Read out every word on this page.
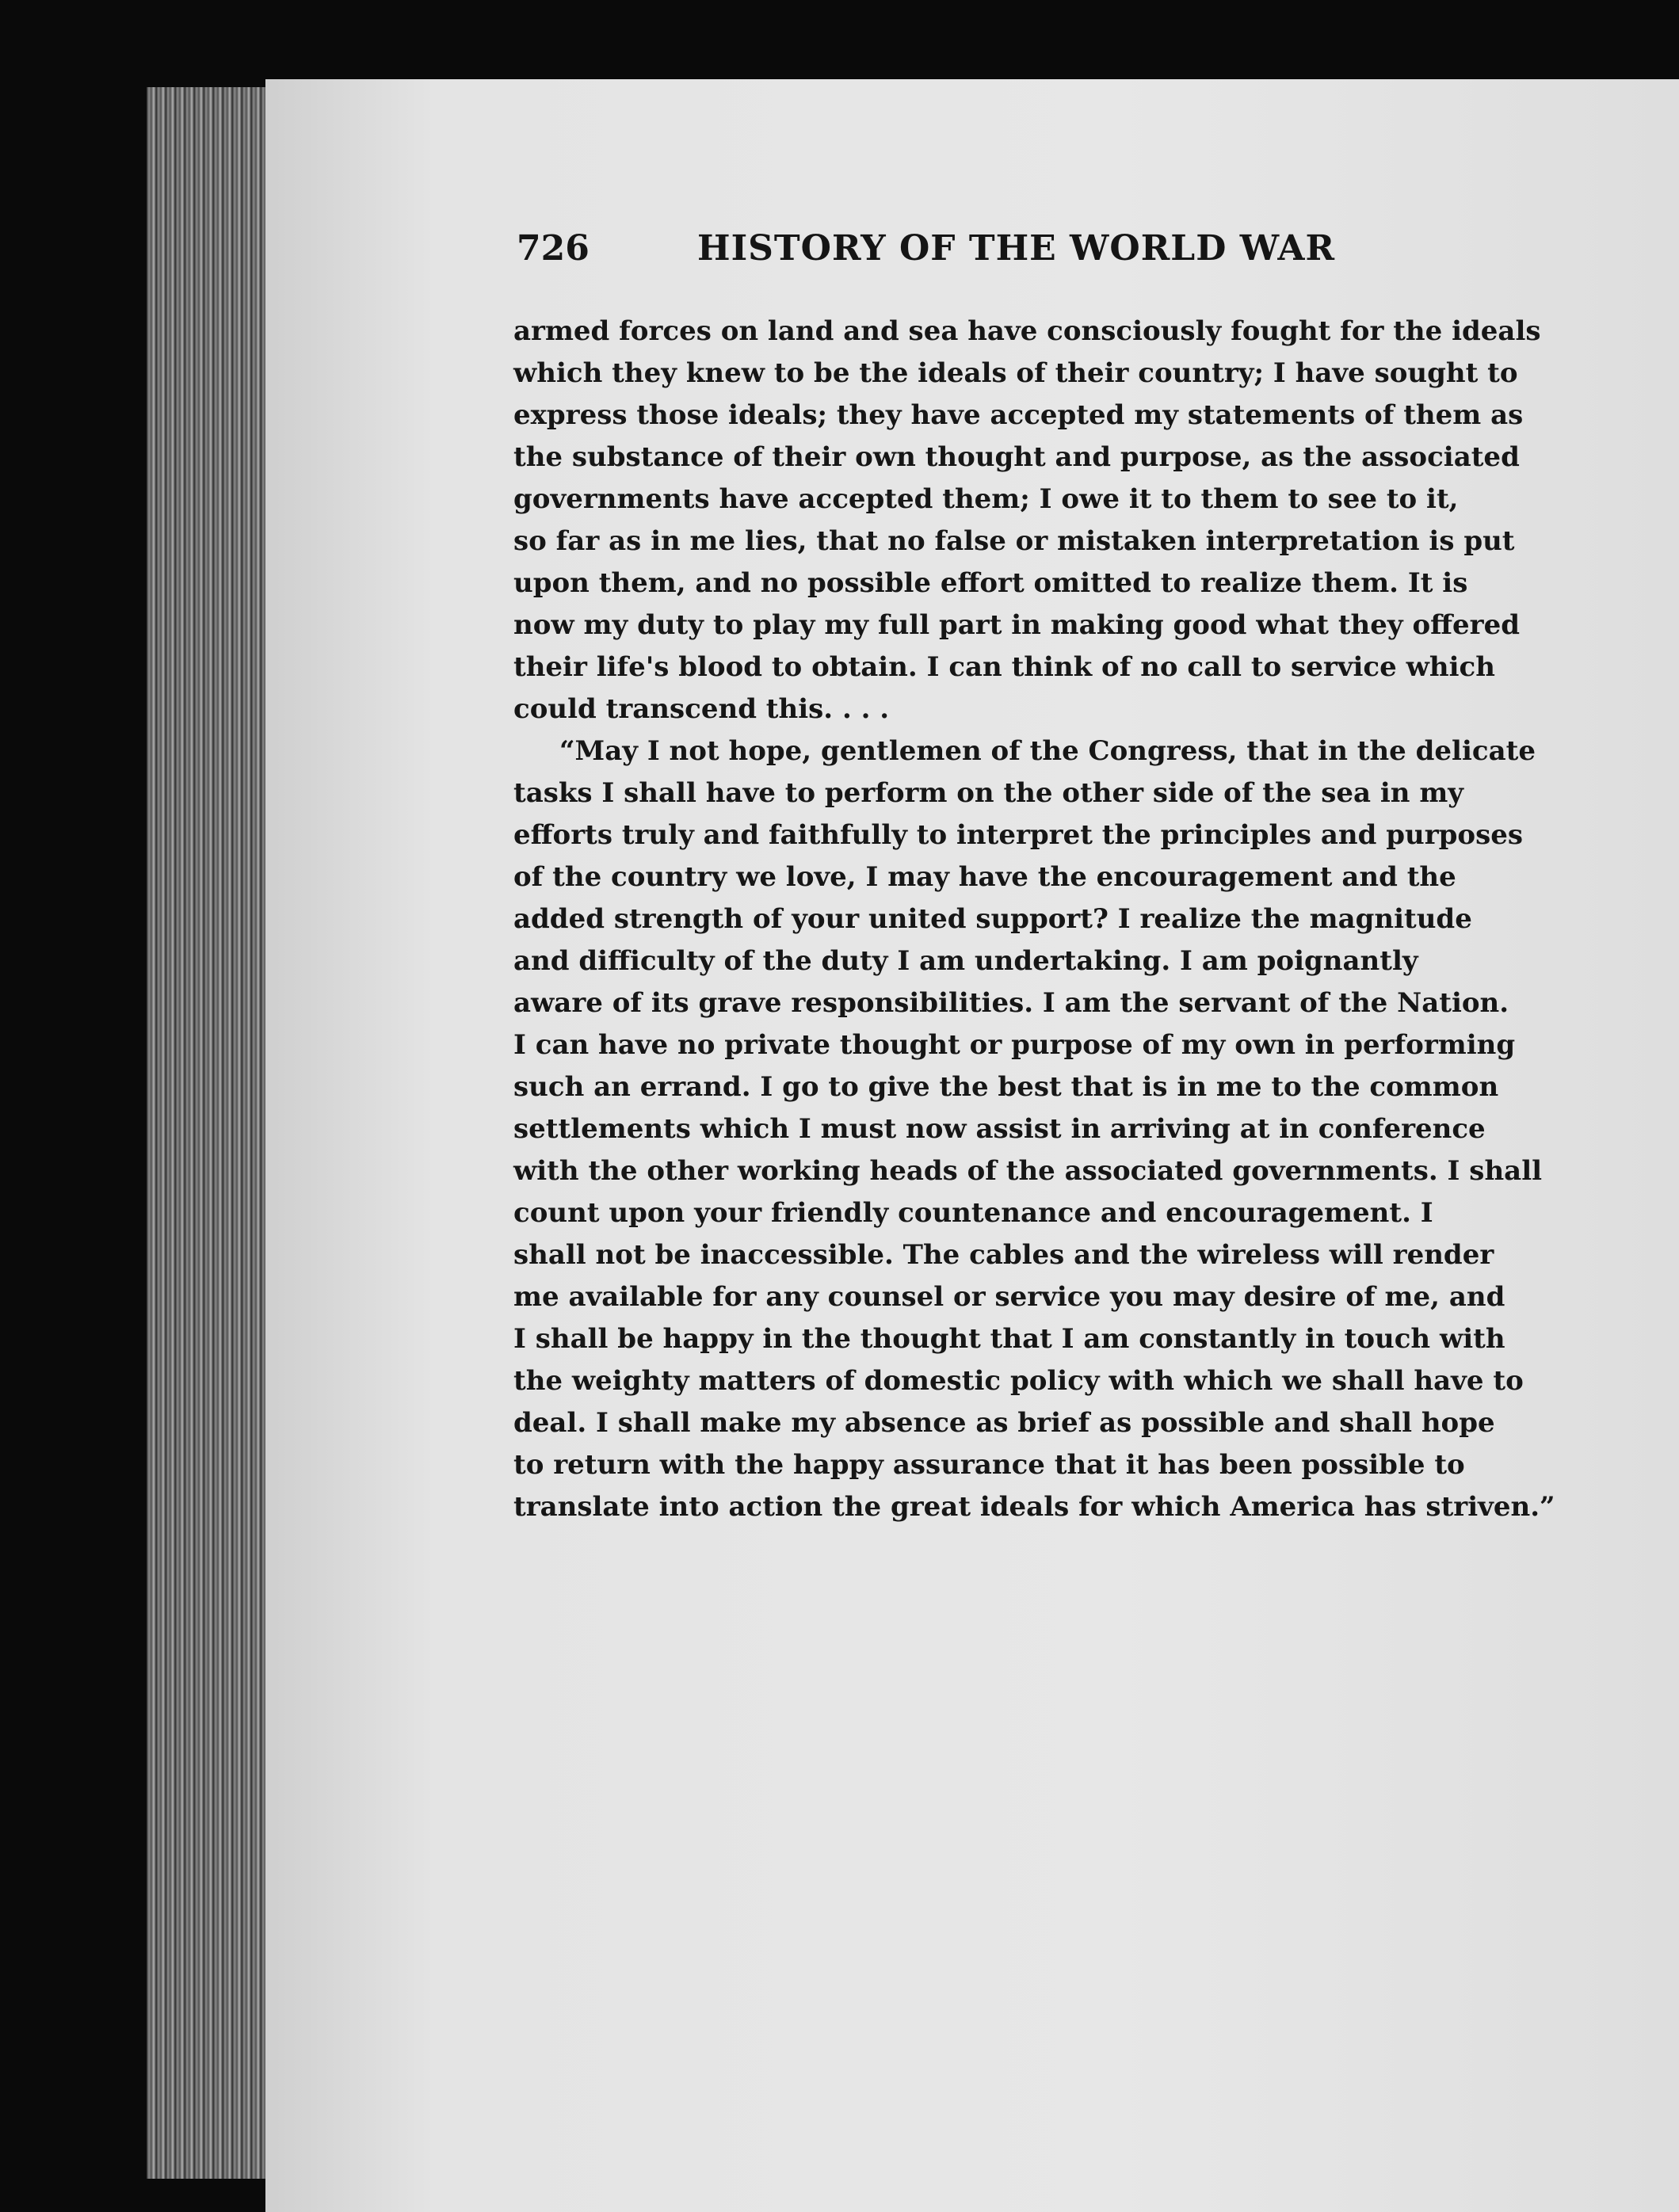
726	HISTORY OF THE WORLD WAR
armed forces on land and sea have consciously fought for the ideals
which they knew to be the ideals of their country; I have sought to
express those ideals; they have accepted my statements of them as
the substance of their own thought and purpose, as the associated
governments have accepted them; I owe it to them to see to it,
so far as in me lies, that no false or mistaken interpretation is put
upon them, and no possible effort omitted to realize them. It is
now my duty to play my full part in making good what they offered
their life's blood to obtain. I can think of no call to service which
could transcend this. . . .
“May I not hope, gentlemen of the Congress, that in the delicate
tasks I shall have to perform on the other side of the sea in my
efforts truly and faithfully to interpret the principles and purposes
of the country we love, I may have the encouragement and the
added strength of your united support? I realize the magnitude
and difficulty of the duty I am undertaking. I am poignantly
aware of its grave responsibilities. I am the servant of the Nation.
I can have no private thought or purpose of my own in performing
such an errand. I go to give the best that is in me to the common
settlements which I must now assist in arriving at in conference
with the other working heads of the associated governments. I shall
count upon your friendly countenance and encouragement. I
shall not be inaccessible. The cables and the wireless will render
me available for any counsel or service you may desire of me, and
I shall be happy in the thought that I am constantly in touch with
the weighty matters of domestic policy with which we shall have to
deal. I shall make my absence as brief as possible and shall hope
to return with the happy assurance that it has been possible to
translate into action the great ideals for which America has striven.”
